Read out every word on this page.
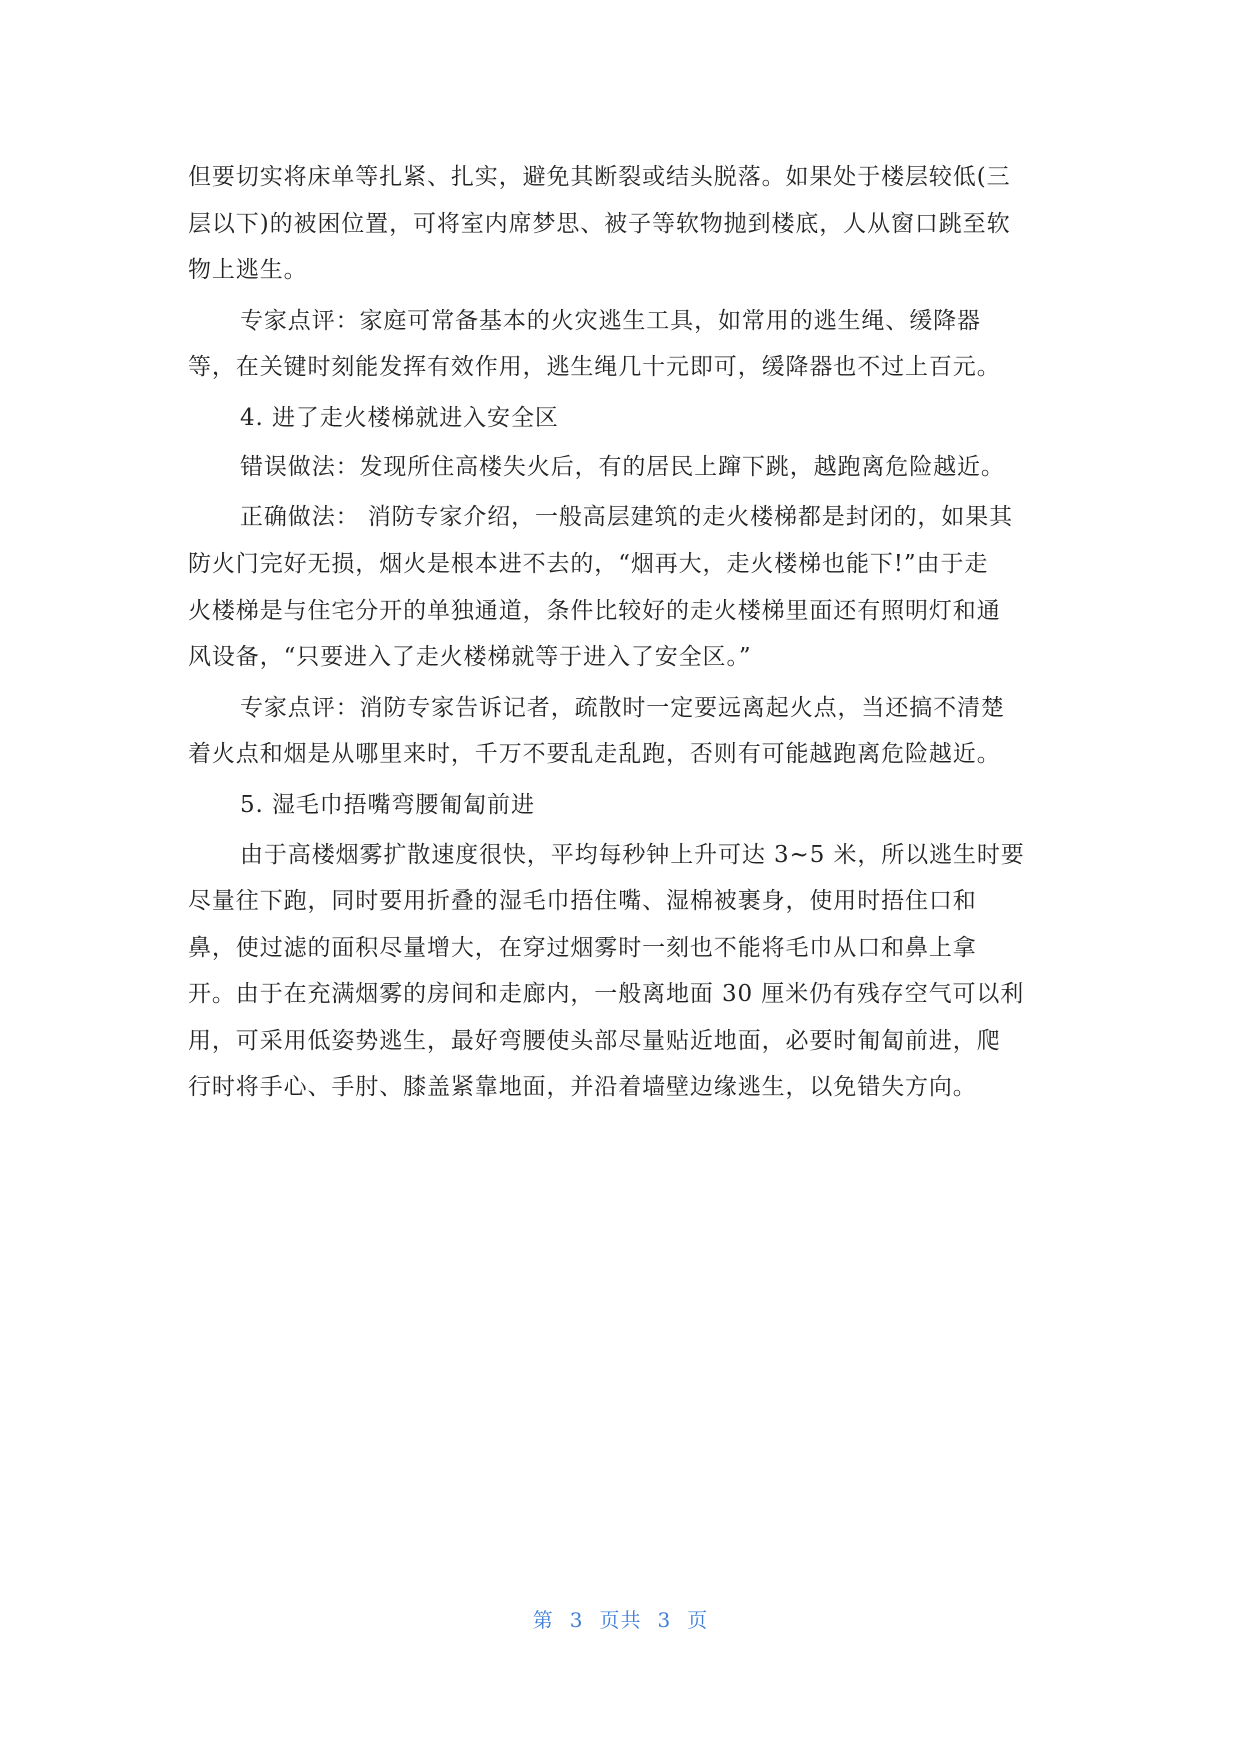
但要切实将床单等扎紧、扎实，避免其断裂或结头脱落。如果处于楼层较低(三
层以下)的被困位置，可将室内席梦思、被子等软物抛到楼底，人从窗口跳至软
物上逃生。
专家点评：家庭可常备基本的火灾逃生工具，如常用的逃生绳、缓降器
等，在关键时刻能发挥有效作用，逃生绳几十元即可，缓降器也不过上百元。
4. 进了走火楼梯就进入安全区
错误做法：发现所住高楼失火后，有的居民上蹿下跳，越跑离危险越近。
正确做法： 消防专家介绍，一般高层建筑的走火楼梯都是封闭的，如果其
防火门完好无损，烟火是根本进不去的，“烟再大，走火楼梯也能下!”由于走
火楼梯是与住宅分开的单独通道，条件比较好的走火楼梯里面还有照明灯和通
风设备，“只要进入了走火楼梯就等于进入了安全区。”
专家点评：消防专家告诉记者，疏散时一定要远离起火点，当还搞不清楚
着火点和烟是从哪里来时，千万不要乱走乱跑，否则有可能越跑离危险越近。
5. 湿毛巾捂嘴弯腰匍匐前进
由于高楼烟雾扩散速度很快，平均每秒钟上升可达 3~5 米，所以逃生时要
尽量往下跑，同时要用折叠的湿毛巾捂住嘴、湿棉被裹身，使用时捂住口和
鼻，使过滤的面积尽量增大，在穿过烟雾时一刻也不能将毛巾从口和鼻上拿
开。由于在充满烟雾的房间和走廊内，一般离地面 30 厘米仍有残存空气可以利
用，可采用低姿势逃生，最好弯腰使头部尽量贴近地面，必要时匍匐前进，爬
行时将手心、手肘、膝盖紧靠地面，并沿着墙壁边缘逃生，以免错失方向。
第 3 页共 3 页
